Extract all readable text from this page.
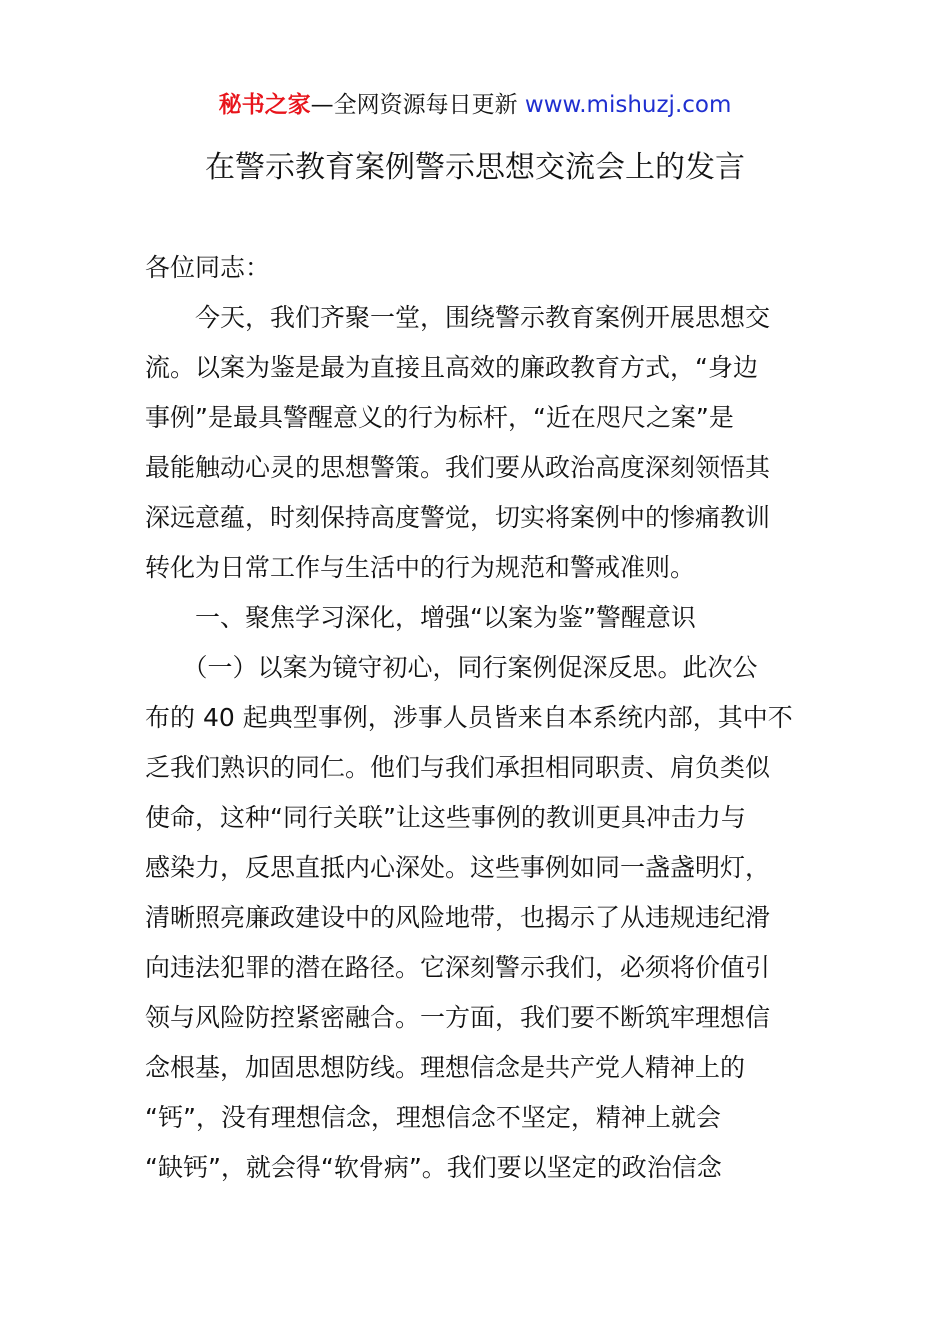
秘书之家—全网资源每日更新 www.mishuzj.com
在警示教育案例警示思想交流会上的发言
各位同志：
　　今天，我们齐聚一堂，围绕警示教育案例开展思想交
流。以案为鉴是最为直接且高效的廉政教育方式，“身边
事例”是最具警醒意义的行为标杆，“近在咫尺之案”是
最能触动心灵的思想警策。我们要从政治高度深刻领悟其
深远意蕴，时刻保持高度警觉，切实将案例中的惨痛教训
转化为日常工作与生活中的行为规范和警戒准则。
　　一、聚焦学习深化，增强“以案为鉴”警醒意识
　　（一）以案为镜守初心，同行案例促深反思。此次公
布的 40 起典型事例，涉事人员皆来自本系统内部，其中不
乏我们熟识的同仁。他们与我们承担相同职责、肩负类似
使命，这种“同行关联”让这些事例的教训更具冲击力与
感染力，反思直抵内心深处。这些事例如同一盏盏明灯，
清晰照亮廉政建设中的风险地带，也揭示了从违规违纪滑
向违法犯罪的潜在路径。它深刻警示我们，必须将价值引
领与风险防控紧密融合。一方面，我们要不断筑牢理想信
念根基，加固思想防线。理想信念是共产党人精神上的
“钙”，没有理想信念，理想信念不坚定，精神上就会
“缺钙”，就会得“软骨病”。我们要以坚定的政治信念
